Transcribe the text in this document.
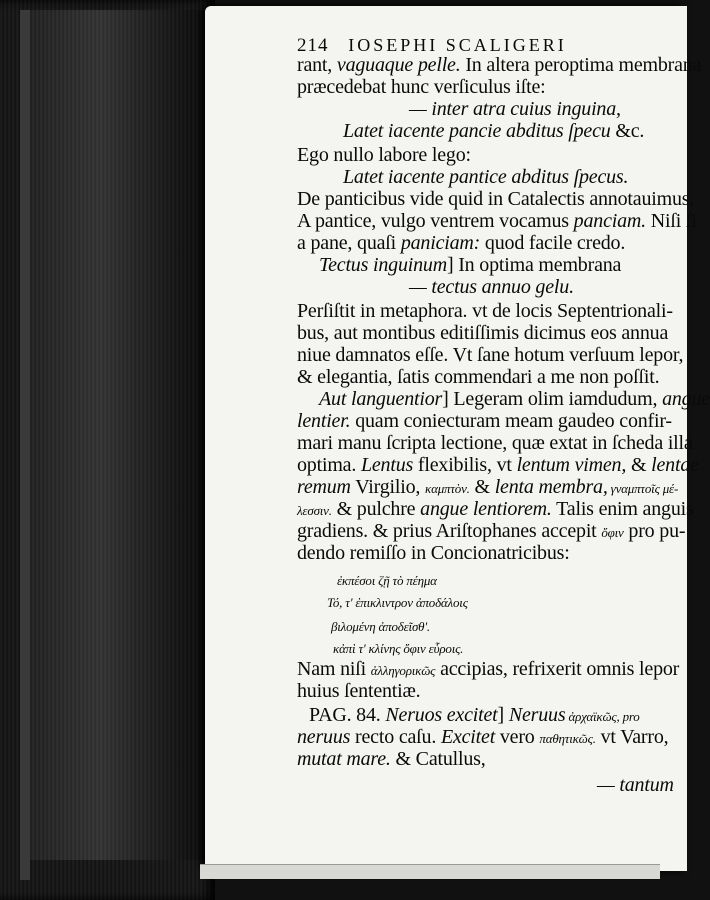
214 IOSEPHI SCALIGERI
rant, vaguaque pelle. In altera peroptima membrana
præcedebat hunc verſiculus iſte:
— inter atra cuius inguina,
Latet iacente pancie abditus ſpecu &c.
Ego nullo labore lego:
Latet iacente pantice abditus ſpecus.
De panticibus vide quid in Catalectis annotauimus.
A pantice, vulgo ventrem vocamus panciam. Niſi ſi
a pane, quaſi paniciam: quod facile credo.
Tectus inguinum] In optima membrana
— tectus annuo gelu.
Perſiſtit in metaphora. vt de locis Septentrionali-
bus, aut montibus editiſſimis dicimus eos annua
niue damnatos eſſe. Vt ſane hotum verſuum lepor,
& elegantia, ſatis commendari a me non poſſit.
Aut languentior] Legeram olim iamdudum, angue
lentier. quam coniecturam meam gaudeo confir-
mari manu ſcripta lectione, quæ extat in ſcheda illa
optima. Lentus flexibilis, vt lentum vimen, & lentae
remum Virgilio, καμπτὸν. & lenta membra, γναμπτοῖς μέ-
λεσσιν. & pulchre angue lentiorem. Talis enim anguis
gradiens. & prius Ariſtophanes accepit ὄφιν pro pu-
dendo remiſſo in Concionatricibus:
ἐκπέσοι ζῇ τὸ πέημα
Τό, τ' ἐπικλιντρον ἀποδάλοις
βιλομένη ἀποδεῖσθ'.
κἀπὶ τ' κλίνης ὄφιν εὗροις.
Nam niſi ἀλληγορικῶς accipias, refrixerit omnis lepor
huius ſententiæ.
PAG. 84. Neruos excitet] Neruus ἀρχαϊκῶς, pro
neruus recto caſu. Excitet vero παθητικῶς. vt Varro,
mutat mare. & Catullus,
— tantum
